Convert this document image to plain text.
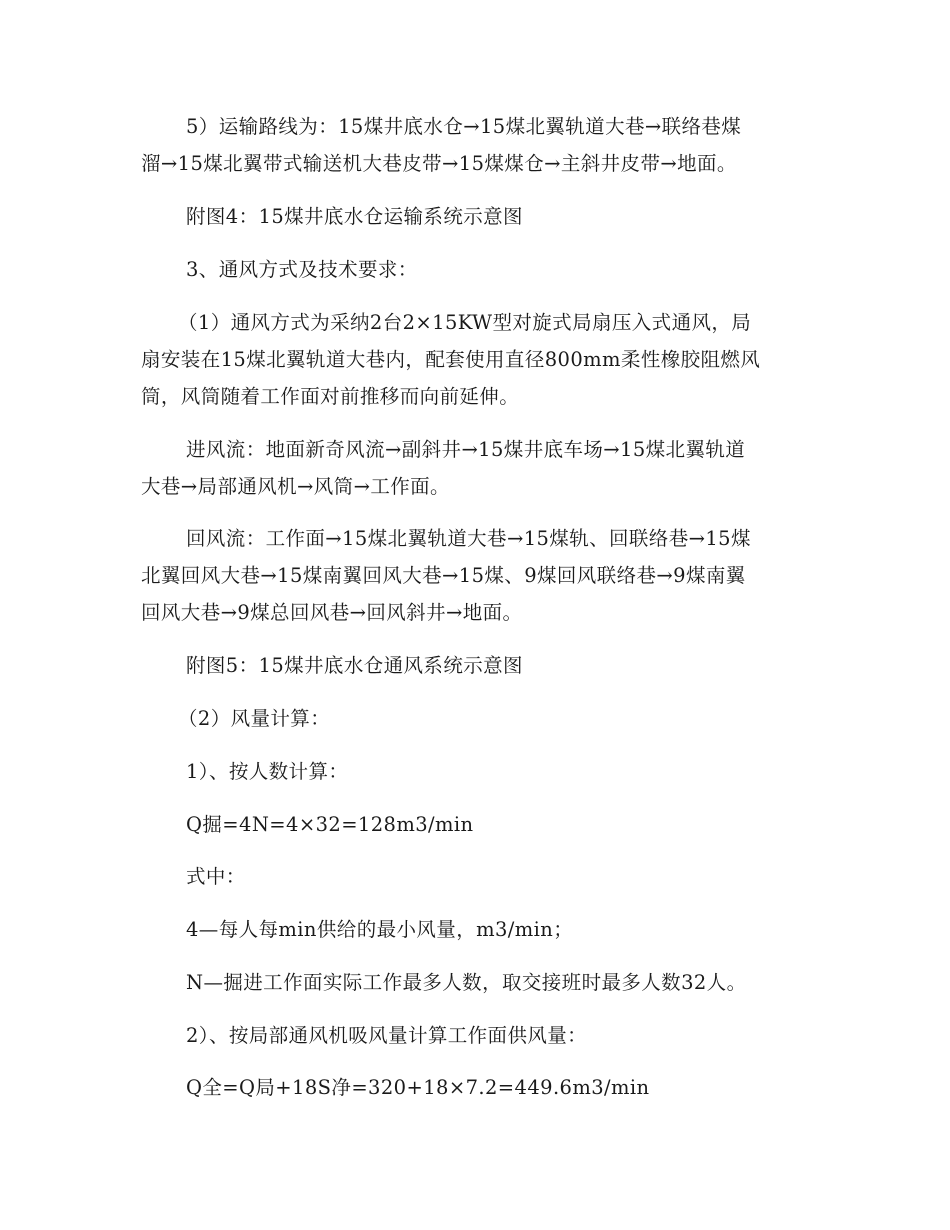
5）运输路线为：15煤井底水仓→15煤北翼轨道大巷→联络巷煤
溜→15煤北翼带式输送机大巷皮带→15煤煤仓→主斜井皮带→地面。
附图4：15煤井底水仓运输系统示意图
3、通风方式及技术要求：
（1）通风方式为采纳2台2×15KW型对旋式局扇压入式通风，局
扇安装在15煤北翼轨道大巷内，配套使用直径800mm柔性橡胶阻燃风
筒，风筒随着工作面对前推移而向前延伸。
进风流：地面新奇风流→副斜井→15煤井底车场→15煤北翼轨道
大巷→局部通风机→风筒→工作面。
回风流：工作面→15煤北翼轨道大巷→15煤轨、回联络巷→15煤
北翼回风大巷→15煤南翼回风大巷→15煤、9煤回风联络巷→9煤南翼
回风大巷→9煤总回风巷→回风斜井→地面。
附图5：15煤井底水仓通风系统示意图
（2）风量计算：
1）、按人数计算：
Q掘=4N=4×32=128m3/min
式中：
4—每人每min供给的最小风量，m3/min；
N—掘进工作面实际工作最多人数，取交接班时最多人数32人。
2）、按局部通风机吸风量计算工作面供风量：
Q全=Q局+18S净=320+18×7.2=449.6m3/min
